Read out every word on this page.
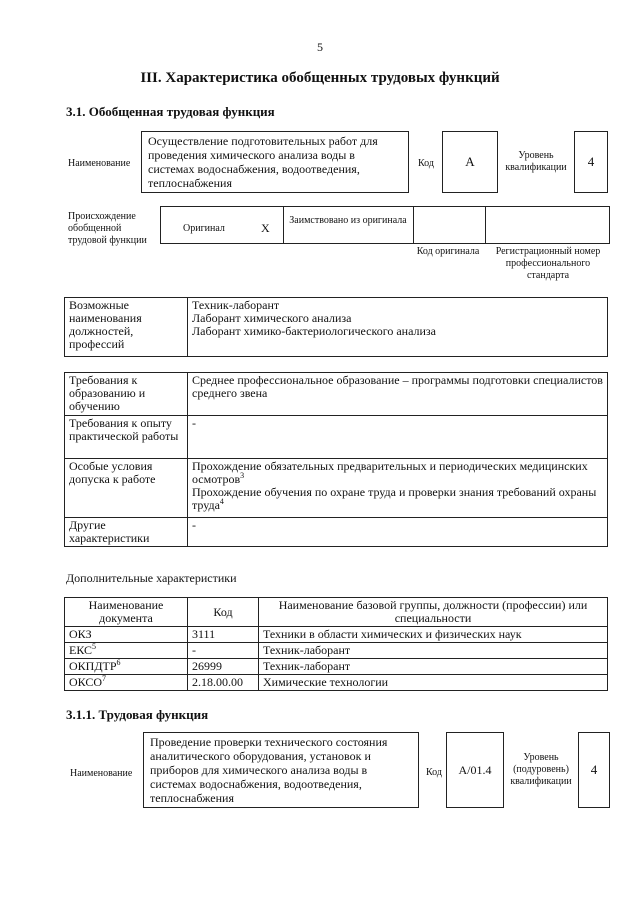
5
III. Характеристика обобщенных трудовых функций
3.1. Обобщенная трудовая функция
Наименование
Осуществление подготовительных работ для проведения химического анализа воды в системах водоснабжения, водоотведения, теплоснабжения
Код	A	Уровень квалификации	4
Происхождение обобщенной трудовой функции
Оригинал	X
Заимствовано из оригинала
Код оригинала	Регистрационный номер профессионального стандарта
Возможные наименования должностей, профессий	
Техник-лаборант
Лаборант химического анализа
Лаборант химико-бактериологического анализа
Требования к образованию и обучению	Среднее профессиональное образование – программы подготовки специалистов среднего звена
Требования к опыту практической работы	-
Особые условия допуска к работе	Прохождение обязательных предварительных и периодических медицинских осмотров$^3$
Прохождение обучения по охране труда и проверки знания требований охраны труда$^4$

Другие характеристики	-
Дополнительные характеристики
Наименование документа	Код	Наименование базовой группы, должности (профессии) или специальности
ОКЗ	3111	Техники в области химических и физических наук
ЕКС$^5$	-	Техник-лаборант
ОКПДТР$^6$	26999	Техник-лаборант
ОКСО$^7$	2.18.00.00	Химические технологии
3.1.1. Трудовая функция
Наименование
Проведение проверки технического состояния аналитического оборудования, установок и приборов для химического анализа воды в системах водоснабжения, водоотведения, теплоснабжения
Код	A/01.4
Уровень (подуровень) квалификации
4
